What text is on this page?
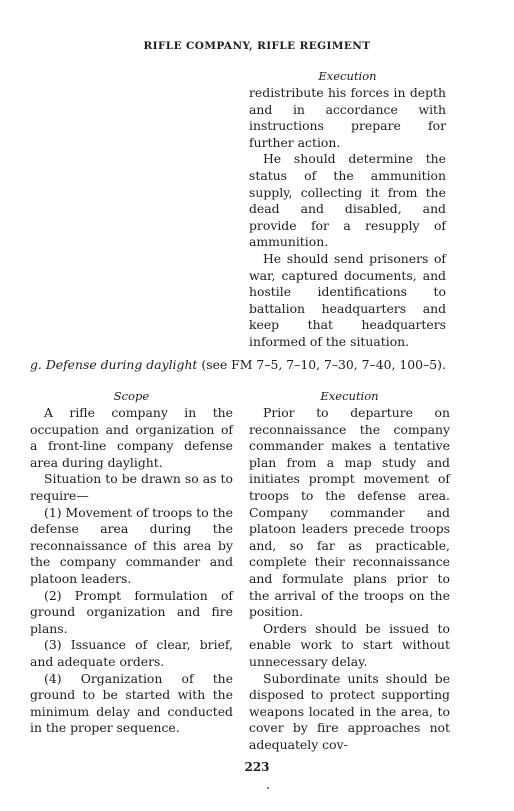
RIFLE COMPANY, RIFLE REGIMENT
Execution

redistribute his forces in depth and in accordance with instructions prepare for further action.

He should determine the status of the ammunition supply, collecting it from the dead and disabled, and provide for a resupply of ammunition.

He should send prisoners of war, captured documents, and hostile identifications to battalion headquarters and keep that headquarters informed of the situation.

g. Defense during daylight (see FM 7–5, 7–10, 7–30, 7–40, 100–5).
Scope

A rifle company in the occupation and organization of a front-line company defense area during daylight.

Situation to be drawn so as to require—

(1) Movement of troops to the defense area during the reconnaissance of this area by the company commander and platoon leaders.

(2) Prompt formulation of ground organization and fire plans.

(3) Issuance of clear, brief, and adequate orders.

(4) Organization of the ground to be started with the minimum delay and conducted in the proper sequence.

Execution

Prior to departure on reconnaissance the company commander makes a tentative plan from a map study and initiates prompt movement of troops to the defense area. Company commander and platoon leaders precede troops and, so far as practicable, complete their reconnaissance and formulate plans prior to the arrival of the troops on the position.

Orders should be issued to enable work to start without unnecessary delay.

Subordinate units should be disposed to protect supporting weapons located in the area, to cover by fire approaches not adequately cov-

223
